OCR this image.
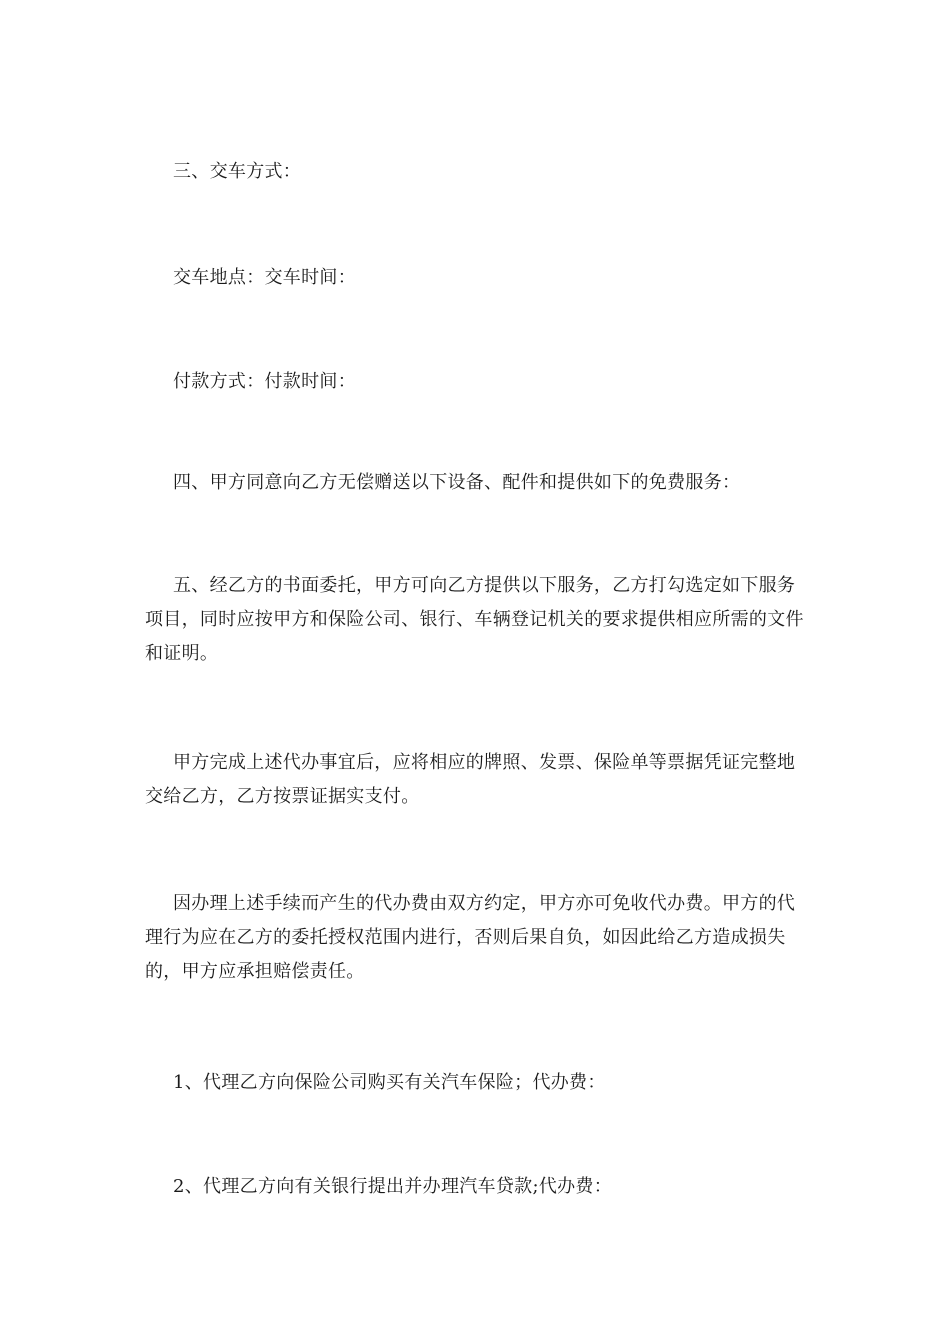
三、交车方式：

交车地点：交车时间：

付款方式：付款时间：

四、甲方同意向乙方无偿赠送以下设备、配件和提供如下的免费服务：

五、经乙方的书面委托，甲方可向乙方提供以下服务，乙方打勾选定如下服务项目，同时应按甲方和保险公司、银行、车辆登记机关的要求提供相应所需的文件和证明。

甲方完成上述代办事宜后，应将相应的牌照、发票、保险单等票据凭证完整地交给乙方，乙方按票证据实支付。

因办理上述手续而产生的代办费由双方约定，甲方亦可免收代办费。甲方的代理行为应在乙方的委托授权范围内进行，否则后果自负，如因此给乙方造成损失的，甲方应承担赔偿责任。

1、代理乙方向保险公司购买有关汽车保险；代办费：

2、代理乙方向有关银行提出并办理汽车贷款;代办费：
